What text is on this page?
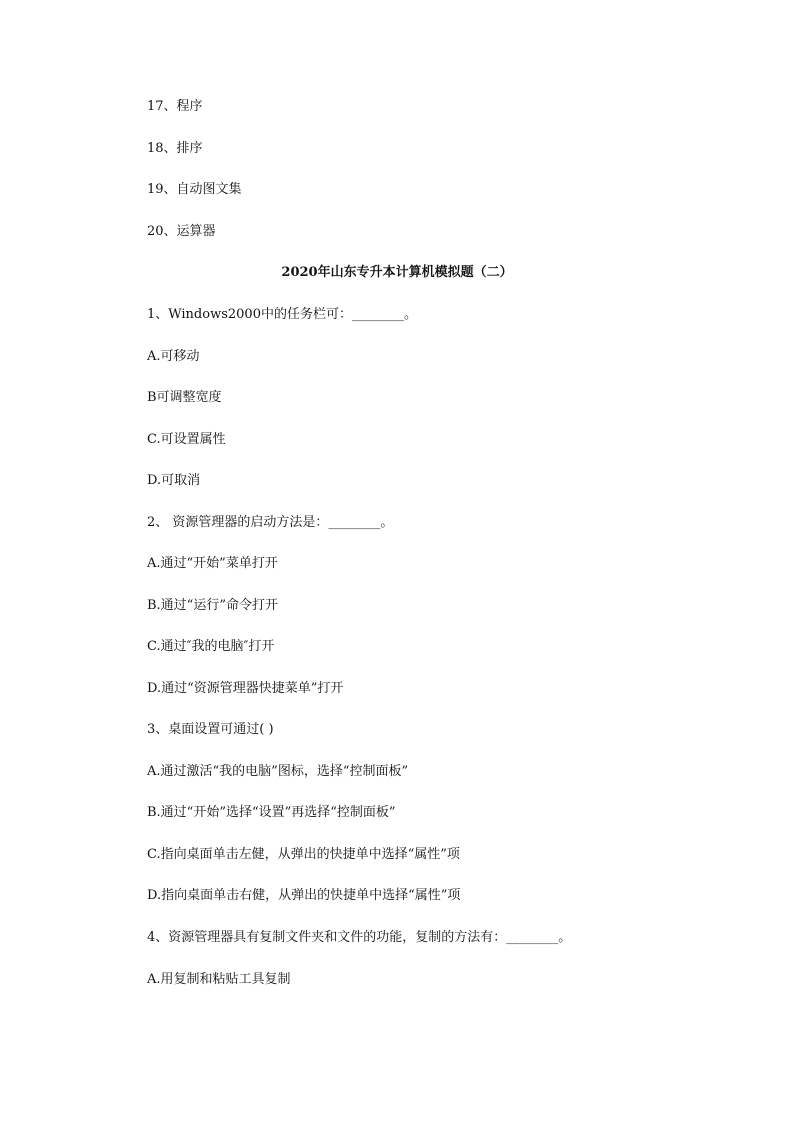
17、程序
18、排序
19、自动图文集
20、运算器
2020年山东专升本计算机模拟题（二）
1、Windows2000中的任务栏可：________。
A.可移动
B可调整宽度
C.可设置属性
D.可取消
2、 资源管理器的启动方法是：________。
A.通过“开始”菜单打开
B.通过“运行”命令打开
C.通过″我的电脑″打开
D.通过“资源管理器快捷菜单”打开
3、桌面设置可通过( )
A.通过激活“我的电脑”图标，选择“控制面板”
B.通过“开始”选择“设置”再选择“控制面板”
C.指向桌面单击左健，从弹出的快捷单中选择“属性”项
D.指向桌面单击右健，从弹出的快捷单中选择“属性”项
4、资源管理器具有复制文件夹和文件的功能，复制的方法有：________。
A.用复制和粘贴工具复制
